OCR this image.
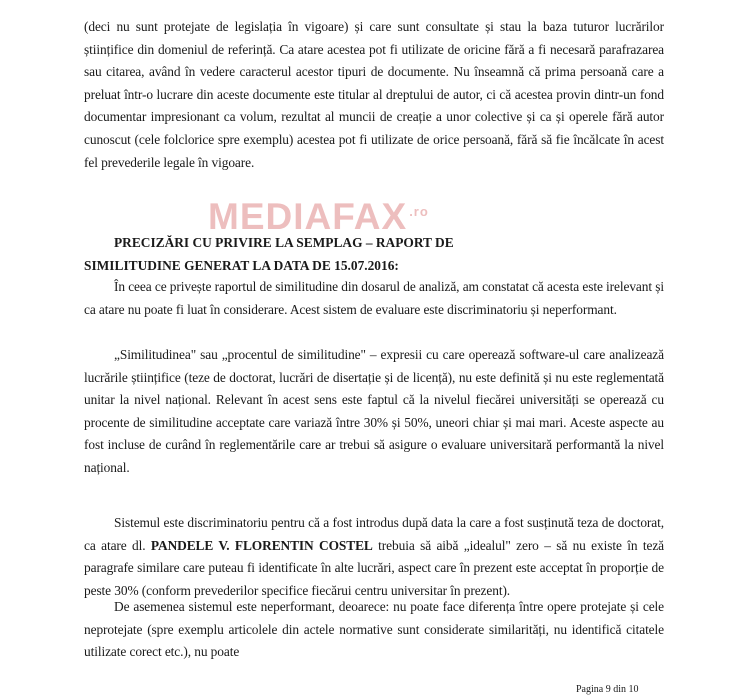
(deci nu sunt protejate de legislația în vigoare) și care sunt consultate și stau la baza tuturor lucrărilor științifice din domeniul de referință. Ca atare acestea pot fi utilizate de oricine fără a fi necesară parafrazarea sau citarea, având în vedere caracterul acestor tipuri de documente. Nu înseamnă că prima persoană care a preluat într-o lucrare din aceste documente este titular al dreptului de autor, ci că acestea provin dintr-un fond documentar impresionant ca volum, rezultat al muncii de creație a unor colective și ca și operele fără autor cunoscut (cele folclorice spre exemplu) acestea pot fi utilizate de orice persoană, fără să fie încălcate în acest fel prevederile legale în vigoare.

PRECIZĂRI CU PRIVIRE LA SEMPLAG – RAPORT DE
SIMILITUDINE GENERAT LA DATA DE 15.07.2016:

În ceea ce privește raportul de similitudine din dosarul de analiză, am constatat că acesta este irelevant și ca atare nu poate fi luat în considerare. Acest sistem de evaluare este discriminatoriu și neperformant.

„Similitudinea" sau „procentul de similitudine" – expresii cu care operează software-ul care analizează lucrările științifice (teze de doctorat, lucrări de disertație și de licență), nu este definită și nu este reglementată unitar la nivel național. Relevant în acest sens este faptul că la nivelul fiecărei universități se operează cu procente de similitudine acceptate care variază între 30% și 50%, uneori chiar și mai mari. Aceste aspecte au fost incluse de curând în reglementările care ar trebui să asigure o evaluare universitară performantă la nivel național.

Sistemul este discriminatoriu pentru că a fost introdus după data la care a fost susținută teza de doctorat, ca atare dl. PANDELE V. FLORENTIN COSTEL trebuia să aibă „idealul" zero – să nu existe în teză paragrafe similare care puteau fi identificate în alte lucrări, aspect care în prezent este acceptat în proporție de peste 30% (conform prevederilor specifice fiecărui centru universitar în prezent).

De asemenea sistemul este neperformant, deoarece: nu poate face diferența între opere protejate și cele neprotejate (spre exemplu articolele din actele normative sunt considerate similarități, nu identifică citatele utilizate corect etc.), nu poate

MEDIAFAX $^{.ro}$
Pagina 9 din 10
